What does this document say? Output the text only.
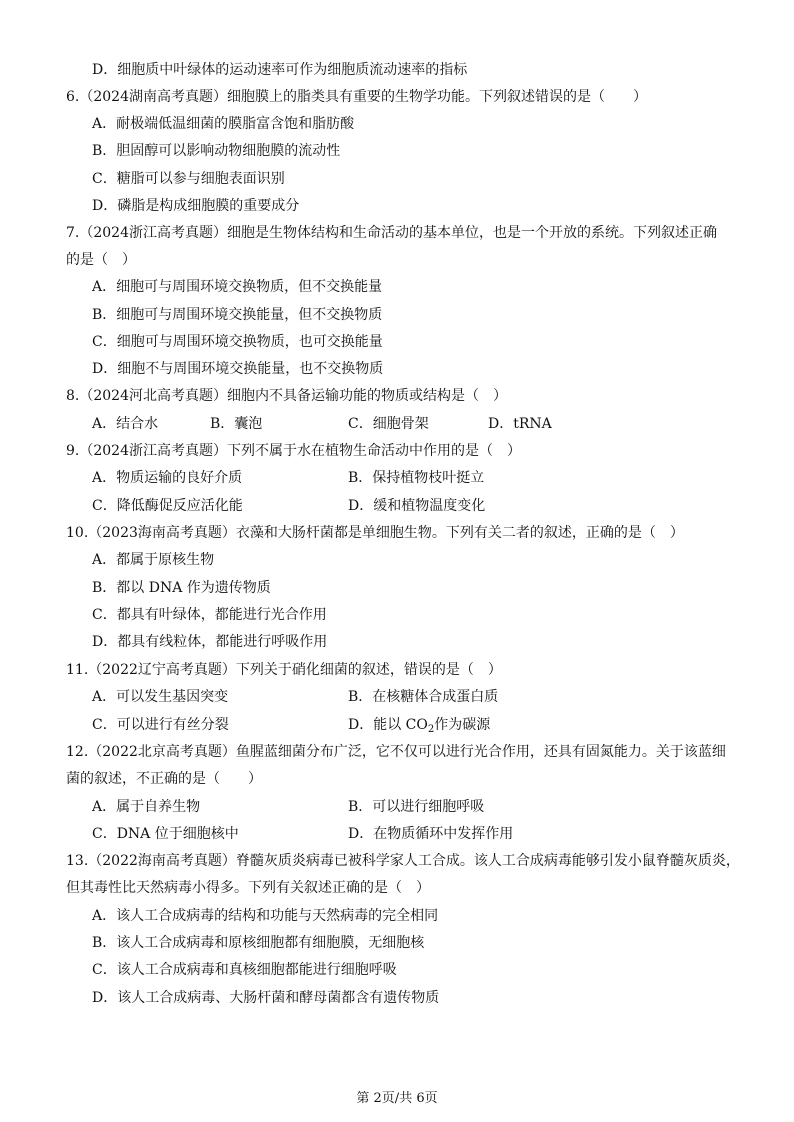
D．细胞质中叶绿体的运动速率可作为细胞质流动速率的指标
6.（2024湖南高考真题）细胞膜上的脂类具有重要的生物学功能。下列叙述错误的是（　　）
A．耐极端低温细菌的膜脂富含饱和脂肪酸
B．胆固醇可以影响动物细胞膜的流动性
C．糖脂可以参与细胞表面识别
D．磷脂是构成细胞膜的重要成分
7.（2024浙江高考真题）细胞是生物体结构和生命活动的基本单位，也是一个开放的系统。下列叙述正确
的是（　）
A．细胞可与周围环境交换物质，但不交换能量
B．细胞可与周围环境交换能量，但不交换物质
C．细胞可与周围环境交换物质，也可交换能量
D．细胞不与周围环境交换能量，也不交换物质
8.（2024河北高考真题）细胞内不具备运输功能的物质或结构是（　）
A．结合水	B．囊泡	C．细胞骨架	D．tRNA
9.（2024浙江高考真题）下列不属于水在植物生命活动中作用的是（　）
A．物质运输的良好介质	B．保持植物枝叶挺立
C．降低酶促反应活化能	D．缓和植物温度变化
10.（2023海南高考真题）衣藻和大肠杆菌都是单细胞生物。下列有关二者的叙述，正确的是（　）
A．都属于原核生物
B．都以 DNA 作为遗传物质
C．都具有叶绿体，都能进行光合作用
D．都具有线粒体，都能进行呼吸作用
11.（2022辽宁高考真题）下列关于硝化细菌的叙述，错误的是（　）
A．可以发生基因突变	B．在核糖体合成蛋白质
C．可以进行有丝分裂	D．能以 $CO_2$作为碳源
12.（2022北京高考真题）鱼腥蓝细菌分布广泛，它不仅可以进行光合作用，还具有固氮能力。关于该蓝细
菌的叙述，不正确的是（　　）
A．属于自养生物	B．可以进行细胞呼吸
C．DNA 位于细胞核中	D．在物质循环中发挥作用
13.（2022海南高考真题）脊髓灰质炎病毒已被科学家人工合成。该人工合成病毒能够引发小鼠脊髓灰质炎，
但其毒性比天然病毒小得多。下列有关叙述正确的是（　）
A．该人工合成病毒的结构和功能与天然病毒的完全相同
B．该人工合成病毒和原核细胞都有细胞膜，无细胞核
C．该人工合成病毒和真核细胞都能进行细胞呼吸
D．该人工合成病毒、大肠杆菌和酵母菌都含有遗传物质
第 2页/共 6页
